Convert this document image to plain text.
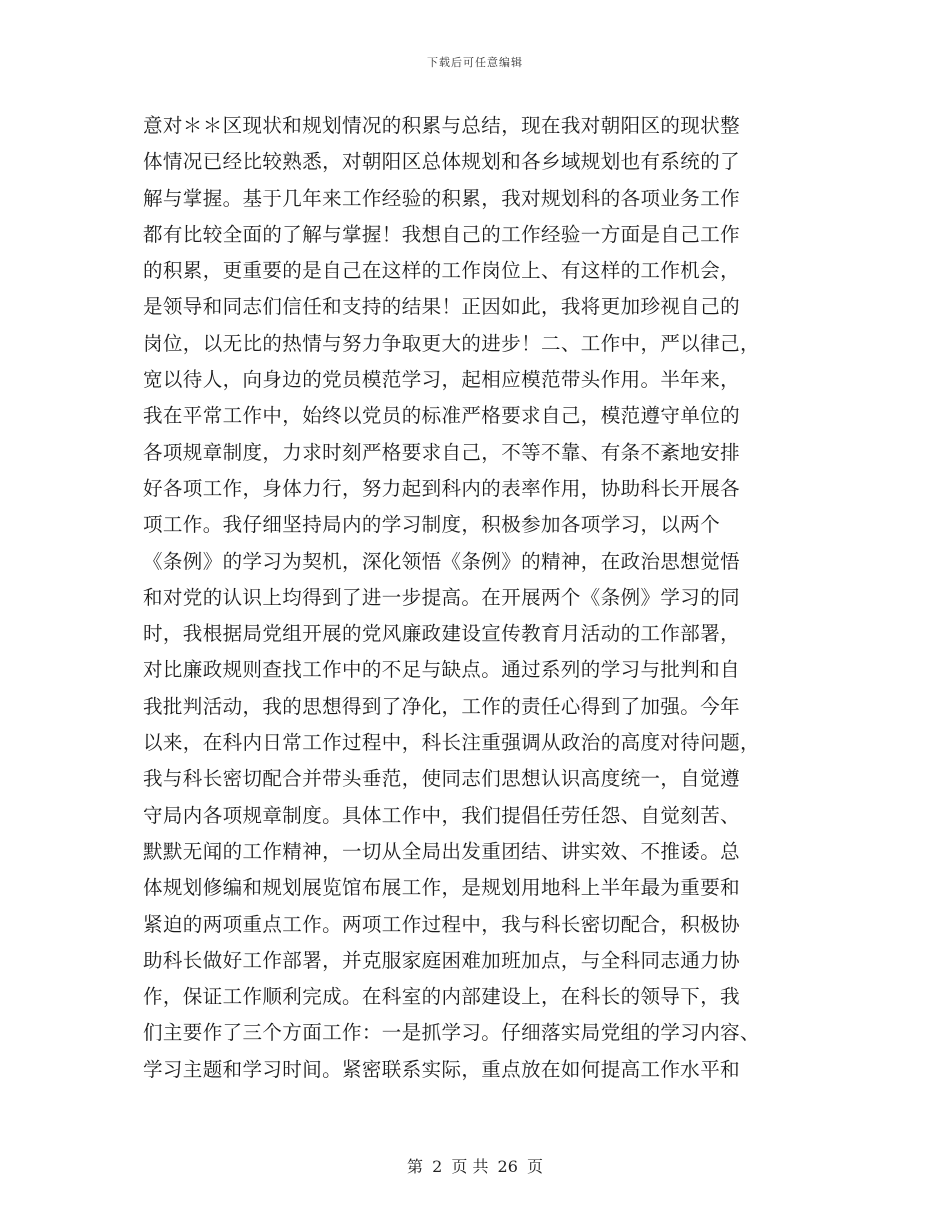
下载后可任意编辑
意对＊＊区现状和规划情况的积累与总结，现在我对朝阳区的现状整
体情况已经比较熟悉，对朝阳区总体规划和各乡域规划也有系统的了
解与掌握。基于几年来工作经验的积累，我对规划科的各项业务工作
都有比较全面的了解与掌握！我想自己的工作经验一方面是自己工作
的积累，更重要的是自己在这样的工作岗位上、有这样的工作机会，
是领导和同志们信任和支持的结果！正因如此，我将更加珍视自己的
岗位，以无比的热情与努力争取更大的进步！二、工作中，严以律己，
宽以待人，向身边的党员模范学习，起相应模范带头作用。半年来，
我在平常工作中，始终以党员的标准严格要求自己，模范遵守单位的
各项规章制度，力求时刻严格要求自己，不等不靠、有条不紊地安排
好各项工作，身体力行，努力起到科内的表率作用，协助科长开展各
项工作。我仔细坚持局内的学习制度，积极参加各项学习，以两个
《条例》的学习为契机，深化领悟《条例》的精神，在政治思想觉悟
和对党的认识上均得到了进一步提高。在开展两个《条例》学习的同
时，我根据局党组开展的党风廉政建设宣传教育月活动的工作部署，
对比廉政规则查找工作中的不足与缺点。通过系列的学习与批判和自
我批判活动，我的思想得到了净化，工作的责任心得到了加强。今年
以来，在科内日常工作过程中，科长注重强调从政治的高度对待问题，
我与科长密切配合并带头垂范，使同志们思想认识高度统一，自觉遵
守局内各项规章制度。具体工作中，我们提倡任劳任怨、自觉刻苦、
默默无闻的工作精神，一切从全局出发重团结、讲实效、不推诿。总
体规划修编和规划展览馆布展工作，是规划用地科上半年最为重要和
紧迫的两项重点工作。两项工作过程中，我与科长密切配合，积极协
助科长做好工作部署，并克服家庭困难加班加点，与全科同志通力协
作，保证工作顺利完成。在科室的内部建设上，在科长的领导下，我
们主要作了三个方面工作：一是抓学习。仔细落实局党组的学习内容、
学习主题和学习时间。紧密联系实际，重点放在如何提高工作水平和
第 2 页 共 26 页
